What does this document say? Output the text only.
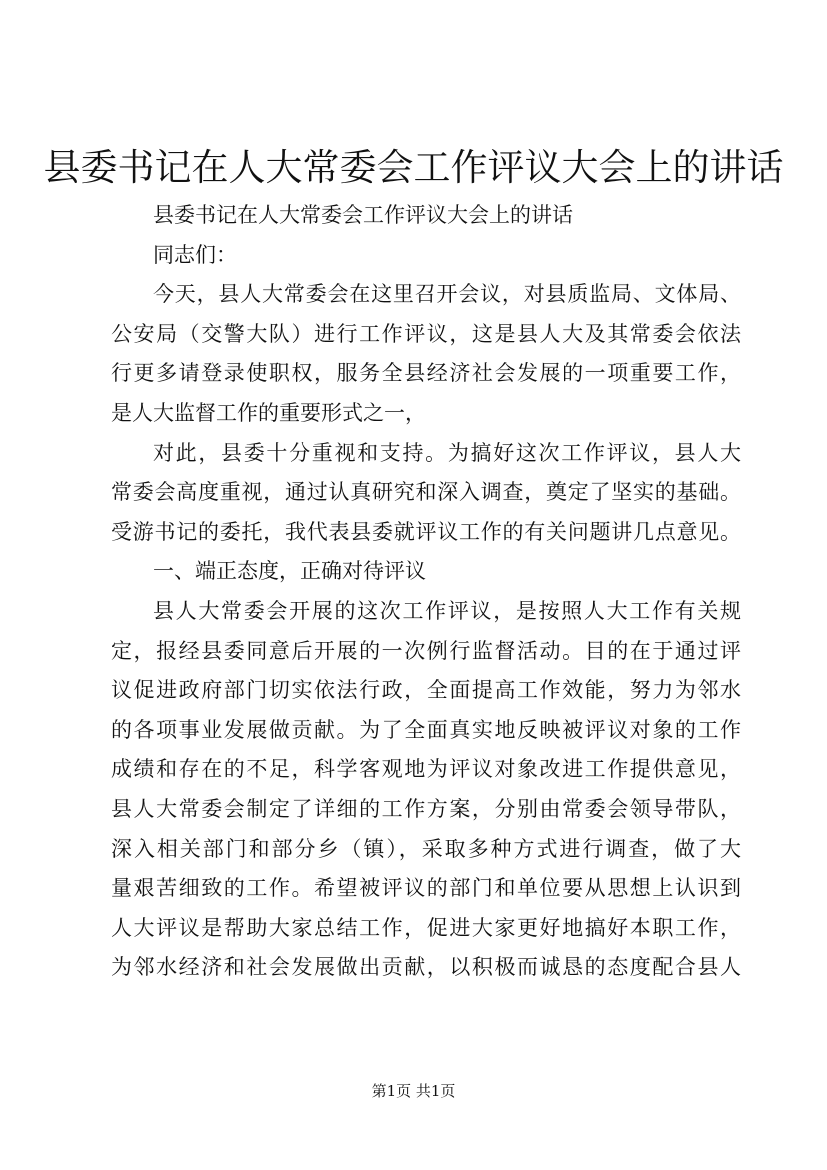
县委书记在人大常委会工作评议大会上的讲话
县委书记在人大常委会工作评议大会上的讲话
同志们：
今天，县人大常委会在这里召开会议，对县质监局、文体局、
公安局（交警大队）进行工作评议，这是县人大及其常委会依法
行更多请登录使职权，服务全县经济社会发展的一项重要工作，
是人大监督工作的重要形式之一，
对此，县委十分重视和支持。为搞好这次工作评议，县人大
常委会高度重视，通过认真研究和深入调查，奠定了坚实的基础。
受游书记的委托，我代表县委就评议工作的有关问题讲几点意见。
一、端正态度，正确对待评议
县人大常委会开展的这次工作评议，是按照人大工作有关规
定，报经县委同意后开展的一次例行监督活动。目的在于通过评
议促进政府部门切实依法行政，全面提高工作效能，努力为邻水
的各项事业发展做贡献。为了全面真实地反映被评议对象的工作
成绩和存在的不足，科学客观地为评议对象改进工作提供意见，
县人大常委会制定了详细的工作方案，分别由常委会领导带队，
深入相关部门和部分乡（镇），采取多种方式进行调查，做了大
量艰苦细致的工作。希望被评议的部门和单位要从思想上认识到
人大评议是帮助大家总结工作，促进大家更好地搞好本职工作，
为邻水经济和社会发展做出贡献，以积极而诚恳的态度配合县人
第1页 共1页
